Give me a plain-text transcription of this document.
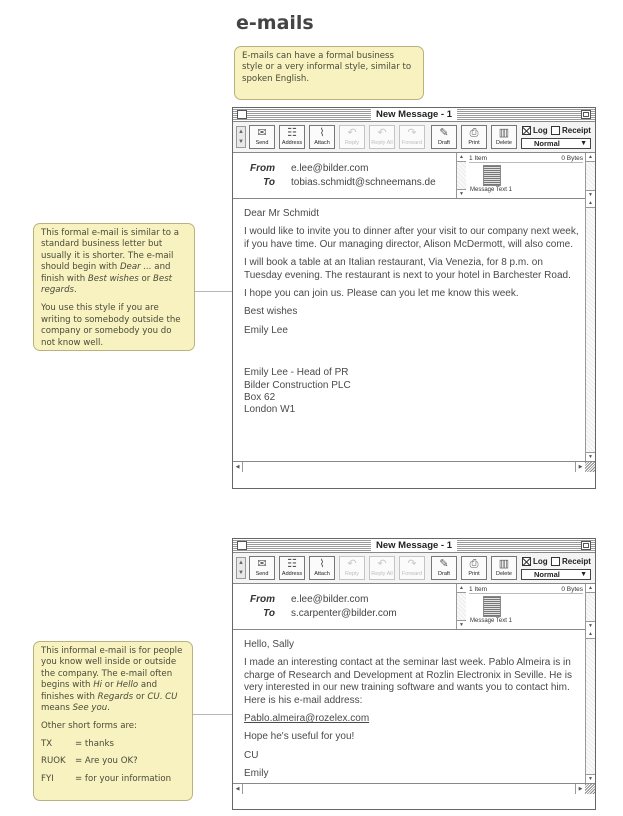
e-mails
E-mails can have a formal business style or a very informal style, similar to spoken English.

This formal e-mail is similar to a standard business letter but usually it is shorter. The e-mail should begin with Dear ... and finish with Best wishes or Best regards.

You use this style if you are writing to somebody outside the company or somebody you do not know well.

This informal e-mail is for people you know well inside or outside the company. The e-mail often begins with Hi or Hello and finishes with Regards or CU. CU means See you.

Other short forms are:

TX	= thanks
RUOK	= Are you OK?
FYI	= for your information
New Message - 1
▲
▼
✉
Send
☷
Address
⌇
Attach
↶
Reply
↶
Reply All
↷
Forward
✎
Draft
⎙
Print
▥
Delete
Log Receipt
Normal	▼
From e.lee@bilder.com
To tobias.schmidt@schneemans.de
▲
▼
1 Item	0 Bytes
Message Text 1
▲
▼

Dear Mr Schmidt

I would like to invite you to dinner after your visit to our company next week, if you have time. Our managing director, Alison McDermott, will also come.

I will book a table at an Italian restaurant, Via Venezia, for 8 p.m. on Tuesday evening. The restaurant is next to your hotel in Barchester Road.

I hope you can join us. Please can you let me know this week.

Best wishes

Emily Lee

Emily Lee - Head of PR
Bilder Construction PLC
Box 62
London W1
▲
▼
◀	▶
New Message - 1
▲
▼
✉
Send
☷
Address
⌇
Attach
↶
Reply
↶
Reply All
↷
Forward
✎
Draft
⎙
Print
▥
Delete
Log Receipt
Normal	▼
From e.lee@bilder.com
To s.carpenter@bilder.com
▲
▼
1 Item	0 Bytes
Message Text 1
▲
▼

Hello, Sally

I made an interesting contact at the seminar last week. Pablo Almeira is in charge of Research and Development at Rozlin Electronix in Seville. He is very interested in our new training software and wants you to contact him. Here is his e-mail address:

Pablo.almeira@rozelex.com

Hope he's useful for you!

CU

Emily

▲
▼
◀	▶
